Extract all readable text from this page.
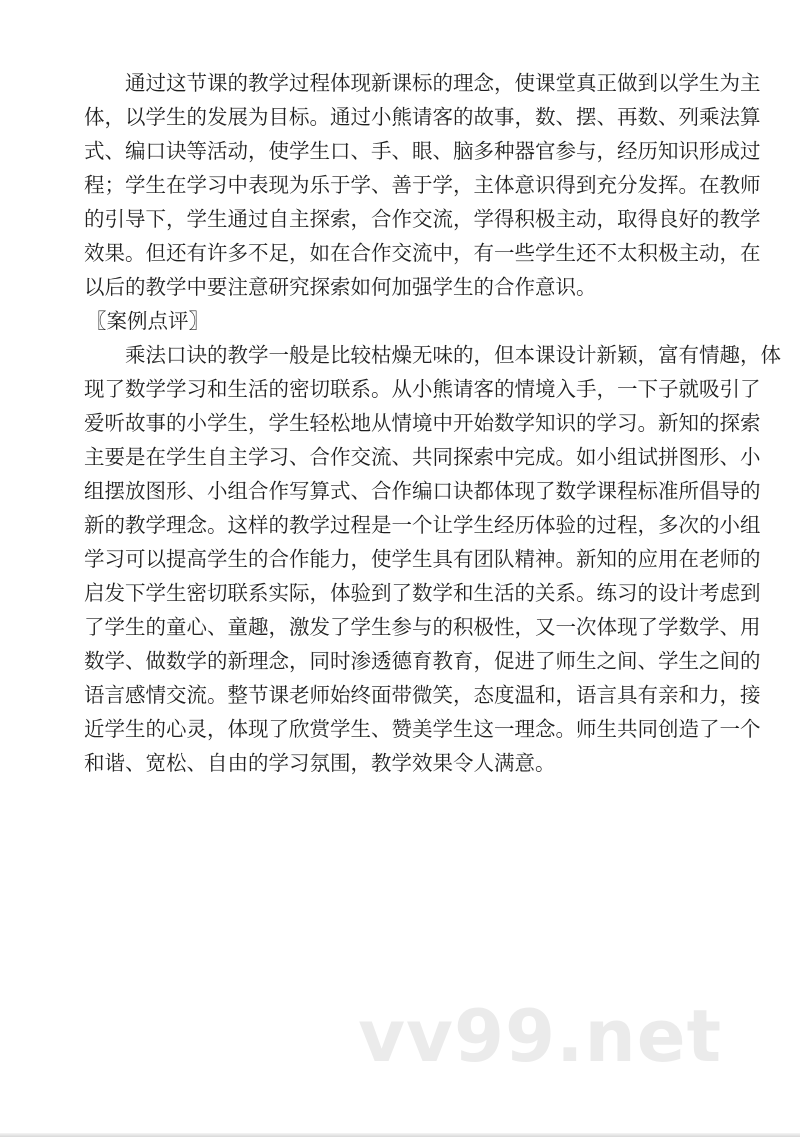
　　通过这节课的教学过程体现新课标的理念，使课堂真正做到以学生为主
体，以学生的发展为目标。通过小熊请客的故事，数、摆、再数、列乘法算
式、编口诀等活动，使学生口、手、眼、脑多种器官参与，经历知识形成过
程；学生在学习中表现为乐于学、善于学，主体意识得到充分发挥。在教师
的引导下，学生通过自主探索，合作交流，学得积极主动，取得良好的教学
效果。但还有许多不足，如在合作交流中，有一些学生还不太积极主动，在
以后的教学中要注意研究探索如何加强学生的合作意识。
〖案例点评〗
　　乘法口诀的教学一般是比较枯燥无味的，但本课设计新颖，富有情趣，体
现了数学学习和生活的密切联系。从小熊请客的情境入手，一下子就吸引了
爱听故事的小学生，学生轻松地从情境中开始数学知识的学习。新知的探索
主要是在学生自主学习、合作交流、共同探索中完成。如小组试拼图形、小
组摆放图形、小组合作写算式、合作编口诀都体现了数学课程标准所倡导的
新的教学理念。这样的教学过程是一个让学生经历体验的过程，多次的小组
学习可以提高学生的合作能力，使学生具有团队精神。新知的应用在老师的
启发下学生密切联系实际，体验到了数学和生活的关系。练习的设计考虑到
了学生的童心、童趣，激发了学生参与的积极性，又一次体现了学数学、用
数学、做数学的新理念，同时渗透德育教育，促进了师生之间、学生之间的
语言感情交流。整节课老师始终面带微笑，态度温和，语言具有亲和力，接
近学生的心灵，体现了欣赏学生、赞美学生这一理念。师生共同创造了一个
和谐、宽松、自由的学习氛围，教学效果令人满意。
vv99.net
